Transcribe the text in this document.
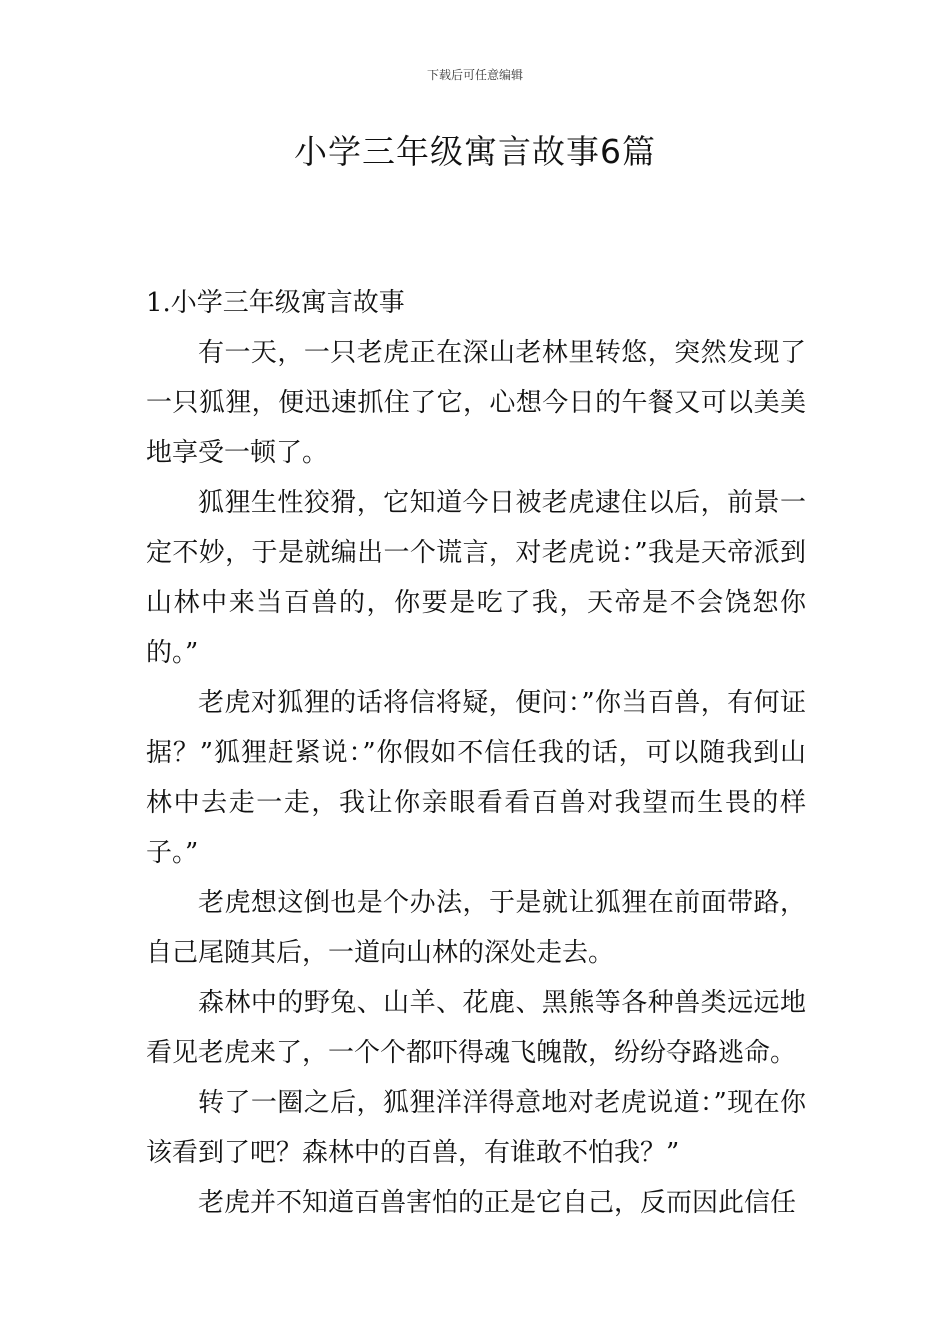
下载后可任意编辑
小学三年级寓言故事6篇

1.小学三年级寓言故事

有一天，一只老虎正在深山老林里转悠，突然发现了一只狐狸，便迅速抓住了它，心想今日的午餐又可以美美地享受一顿了。

狐狸生性狡猾，它知道今日被老虎逮住以后，前景一定不妙，于是就编出一个谎言，对老虎说：”我是天帝派到山林中来当百兽的，你要是吃了我，天帝是不会饶恕你的。”

老虎对狐狸的话将信将疑，便问：”你当百兽，有何证据？”狐狸赶紧说：”你假如不信任我的话，可以随我到山林中去走一走，我让你亲眼看看百兽对我望而生畏的样子。”

老虎想这倒也是个办法，于是就让狐狸在前面带路，自己尾随其后，一道向山林的深处走去。

森林中的野兔、山羊、花鹿、黑熊等各种兽类远远地看见老虎来了，一个个都吓得魂飞魄散，纷纷夺路逃命。

转了一圈之后，狐狸洋洋得意地对老虎说道：”现在你该看到了吧？森林中的百兽，有谁敢不怕我？”

老虎并不知道百兽害怕的正是它自己，反而因此信任
